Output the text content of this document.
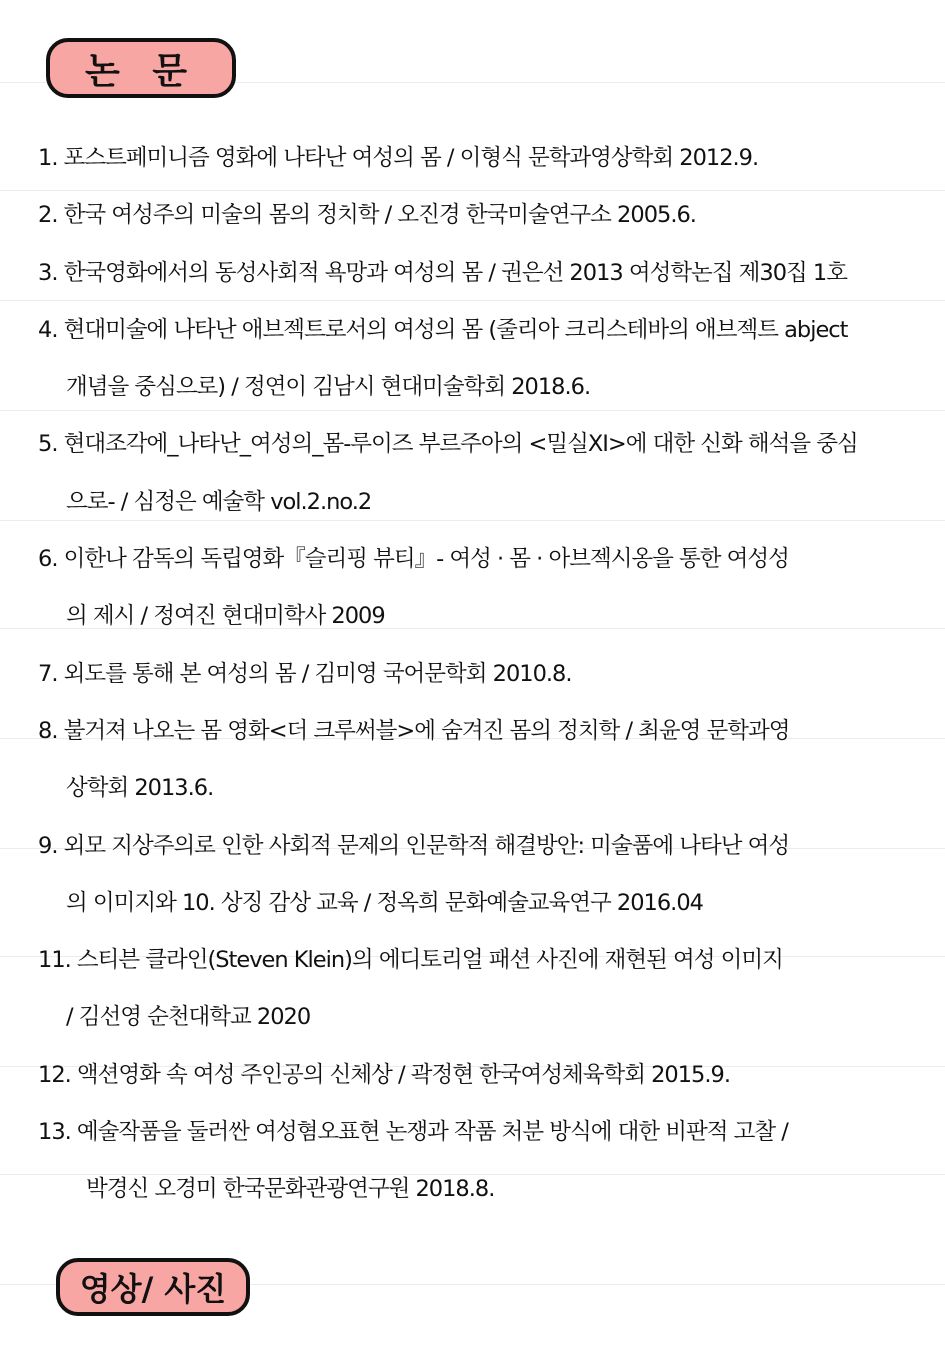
논 문
1. 포스트페미니즘 영화에 나타난 여성의 몸 / 이형식 문학과영상학회 2012.9.
2. 한국 여성주의 미술의 몸의 정치학 / 오진경 한국미술연구소 2005.6.
3. 한국영화에서의 동성사회적 욕망과 여성의 몸 / 권은선 2013 여성학논집 제30집 1호
4. 현대미술에 나타난 애브젝트로서의 여성의 몸 (줄리아 크리스테바의 애브젝트 abject
개념을 중심으로) / 정연이 김남시 현대미술학회 2018.6.
5. 현대조각에_나타난_여성의_몸-루이즈 부르주아의 <밀실XI>에 대한 신화 해석을 중심
으로- / 심정은 예술학 vol.2.no.2
6. 이한나 감독의 독립영화『슬리핑 뷰티』- 여성 · 몸 · 아브젝시옹을 통한 여성성
의 제시 / 정여진 현대미학사 2009
7. 외도를 통해 본 여성의 몸 / 김미영 국어문학회 2010.8.
8. 불거져 나오는 몸 영화<더 크루써블>에 숨겨진 몸의 정치학 / 최윤영 문학과영
상학회 2013.6.
9. 외모 지상주의로 인한 사회적 문제의 인문학적 해결방안: 미술품에 나타난 여성
의 이미지와 10. 상징 감상 교육 / 정옥희 문화예술교육연구 2016.04
11. 스티븐 클라인(Steven Klein)의 에디토리얼 패션 사진에 재현된 여성 이미지
/ 김선영 순천대학교 2020
12. 액션영화 속 여성 주인공의 신체상 / 곽정현 한국여성체육학회 2015.9.
13. 예술작품을 둘러싼 여성혐오표현 논쟁과 작품 처분 방식에 대한 비판적 고찰 /
박경신 오경미 한국문화관광연구원 2018.8.
영상/ 사진
